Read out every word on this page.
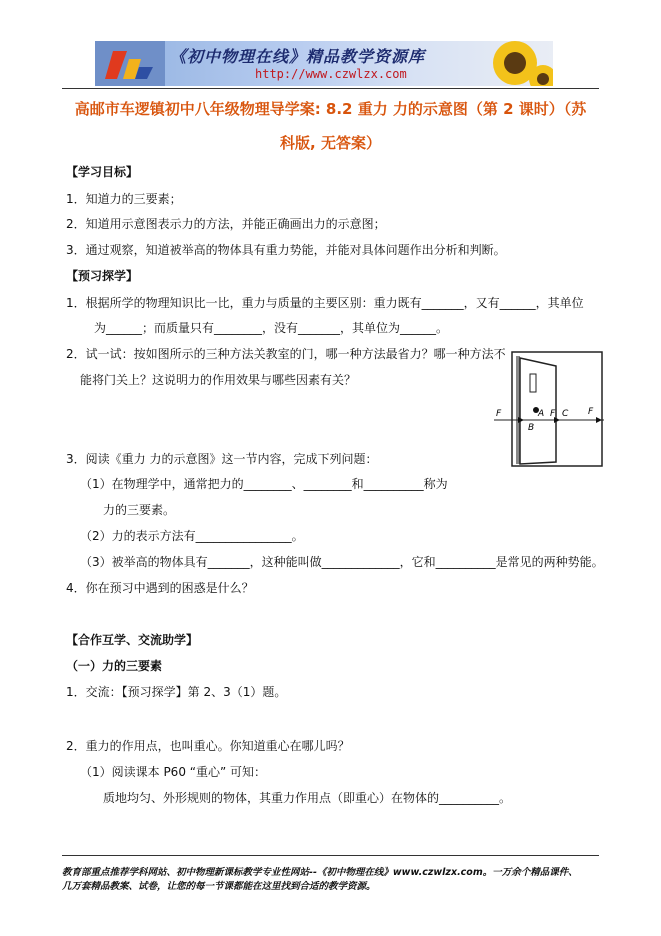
《初中物理在线》精品教学资源库
http://www.czwlzx.com
高邮市车逻镇初中八年级物理导学案: 8.2 重力 力的示意图（第 2 课时）（苏
科版, 无答案）
【学习目标】
1．知道力的三要素；
2．知道用示意图表示力的方法，并能正确画出力的示意图；
3．通过观察，知道被举高的物体具有重力势能，并能对具体问题作出分析和判断。
【预习探学】
1．根据所学的物理知识比一比，重力与质量的主要区别：重力既有_______，又有______，其单位
为______；而质量只有________，没有_______，其单位为______。
2．试一试：按如图所示的三种方法关教室的门，哪一种方法最省力？哪一种方法不
能将门关上？这说明力的作用效果与哪些因素有关？
F	F	F
B
A C
3．阅读《重力 力的示意图》这一节内容，完成下列问题：
（1）在物理学中，通常把力的________、________和__________称为
力的三要素。
（2）力的表示方法有________________。
（3）被举高的物体具有_______，这种能叫做_____________，它和__________是常见的两种势能。
4．你在预习中遇到的困惑是什么？
【合作互学、交流助学】
（一）力的三要素
1．交流：【预习探学】第 2、3（1）题。
2．重力的作用点，也叫重心。你知道重心在哪儿吗？
（1）阅读课本 P60 “重心” 可知：
质地均匀、外形规则的物体，其重力作用点（即重心）在物体的__________。
教育部重点推荐学科网站、初中物理新课标教学专业性网站--《初中物理在线》www.czwlzx.com。一万余个精品课件、
几万套精品教案、试卷，让您的每一节课都能在这里找到合适的教学资源。
